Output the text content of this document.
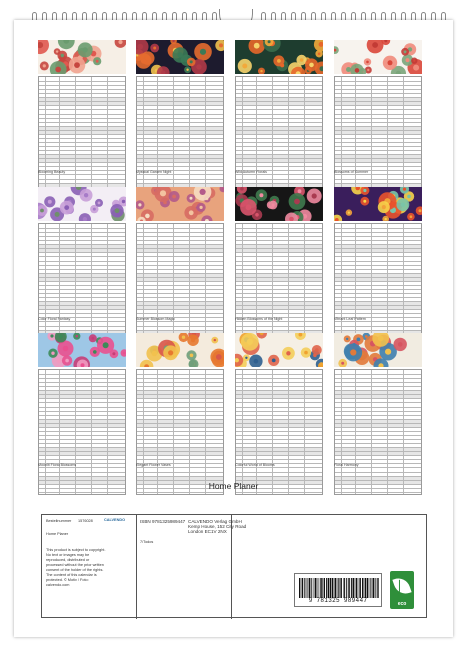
Blooming Beauty	Mystical Garden Night	Wild Autumn Florals	Blossoms of Summer
Color Floral Fantasy	Summer Blossom Magic	Hidden Blossoms of the Night	Vibrant Leaf Pattern
Moonlit Floral Blossoms	Elegant Flower Vases	Colorful World of Blooms	Floral Harmony
Home Planer
Bestellnummer 1576028	CALVENDO
Home Planer
This product is subject to copyright. No text or images may be reproduced, distributed or processed without the prior written consent of the holder of the rights. The content of this calendar is protected. © Motiv / Foto: calvendo.com
ISBN 9781325989447
7/Todos
CALVENDO Verlag GmbH
Kemp House, 152 City Road
London EC1V 2NX
9 781325 989447	eco
